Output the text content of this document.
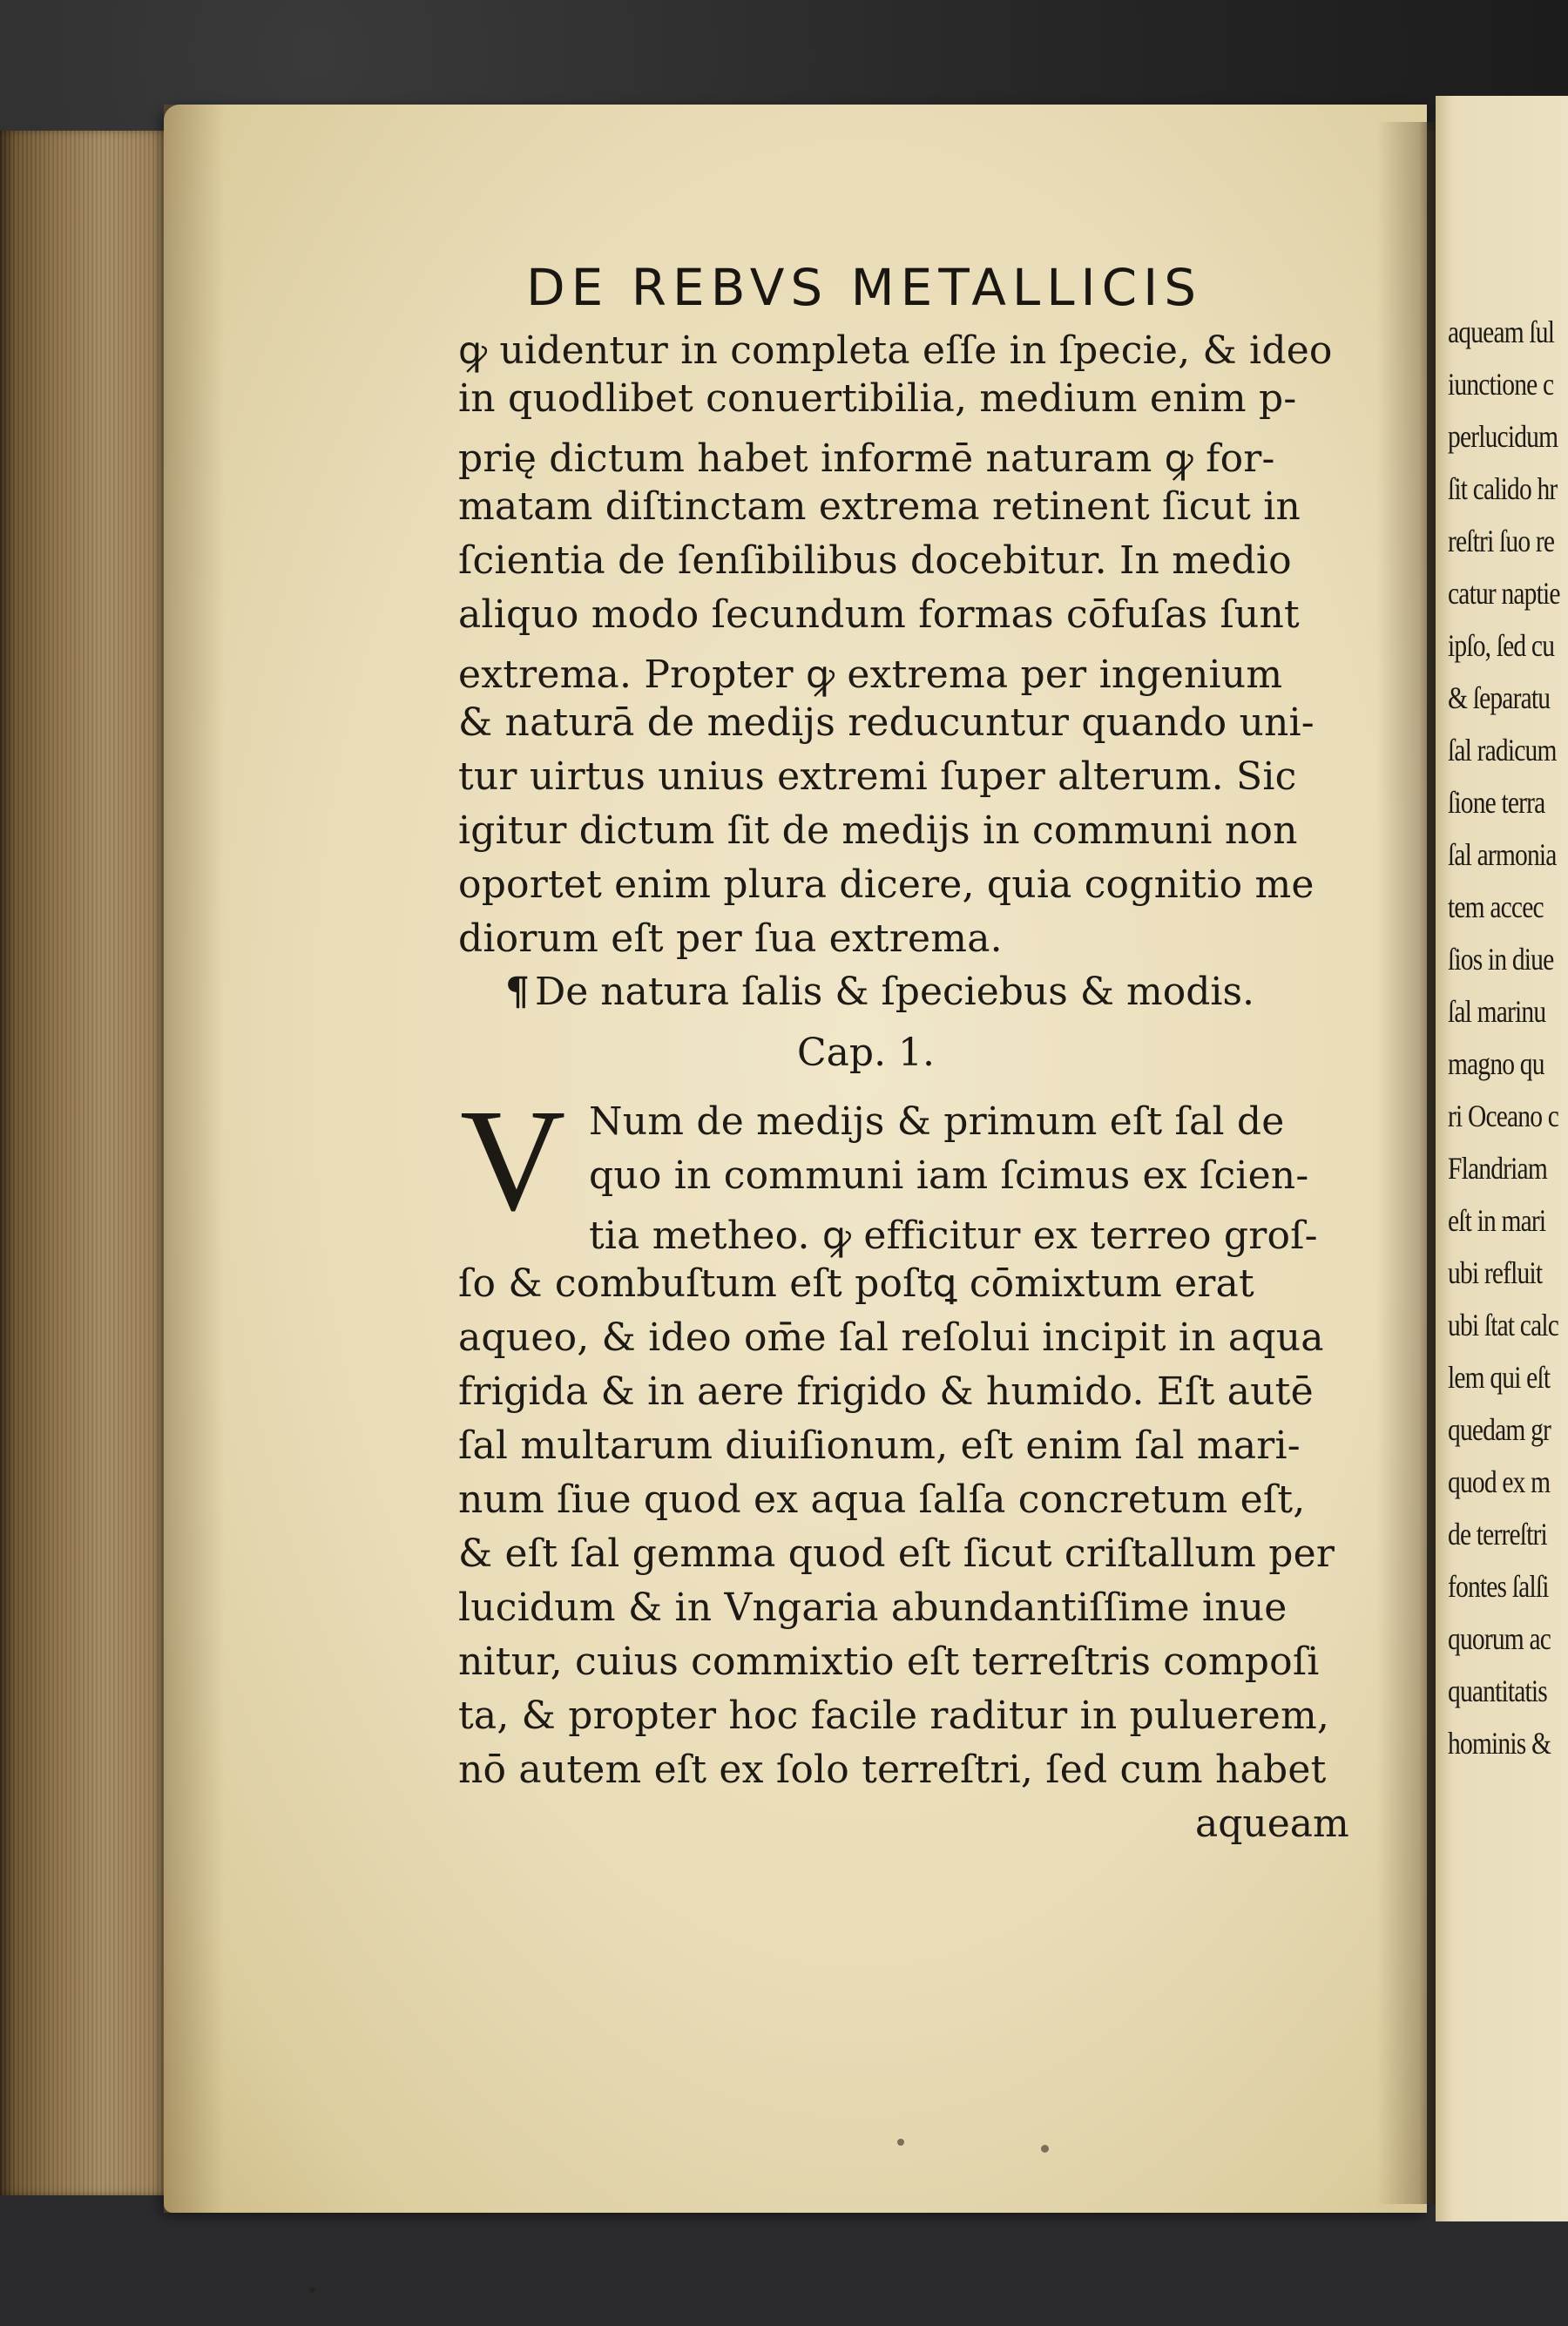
aqueam ſul
iunctione c
perlucidum
ſit calido hr
reſtri ſuo re
catur naptie
ipſo, ſed cu
& ſeparatu
ſal radicum
ſione terra
ſal armonia
tem accec
ſios in diue
ſal marinu
magno qu
ri Oceano c
Flandriam
eſt in mari
ubi refluit
ubi ſtat calc
lem qui eſt
quedam gr
quod ex m
de terreſtri
fontes ſalſi
quorum ac
quantitatis
hominis &
DE REBVS METALLICIS
ꝙ uidentur in completa eſſe in ſpecie, & ideo
in quodlibet conuertibilia, medium enim p-
prię dictum habet informē naturam ꝙ for-
matam diſtinctam extrema retinent ſicut in
ſcientia de ſenſibilibus docebitur. In medio
aliquo modo ſecundum formas cōfuſas ſunt
extrema. Propter ꝙ extrema per ingenium
& naturā de medijs reducuntur quando uni-
tur uirtus unius extremi ſuper alterum. Sic
igitur dictum ſit de medijs in communi non
oportet enim plura dicere, quia cognitio me
diorum eſt per ſua extrema.
¶ De natura ſalis & ſpeciebus & modis.
Cap. 1.
V Num de medijs & primum eſt ſal de
quo in communi iam ſcimus ex ſcien-
tia metheo. ꝙ efficitur ex terreo groſ-
ſo & combuſtum eſt poſtꝗ cōmixtum erat
aqueo, & ideo om̄e ſal reſolui incipit in aqua
frigida & in aere frigido & humido. Eſt autē
ſal multarum diuiſionum, eſt enim ſal mari-
num ſiue quod ex aqua ſalſa concretum eſt,
& eſt ſal gemma quod eſt ſicut criſtallum per
lucidum & in Vngaria abundantiſſime inue
nitur, cuius commixtio eſt terreſtris compoſi
ta, & propter hoc facile raditur in puluerem,
nō autem eſt ex ſolo terreſtri, ſed cum habet
aqueam
